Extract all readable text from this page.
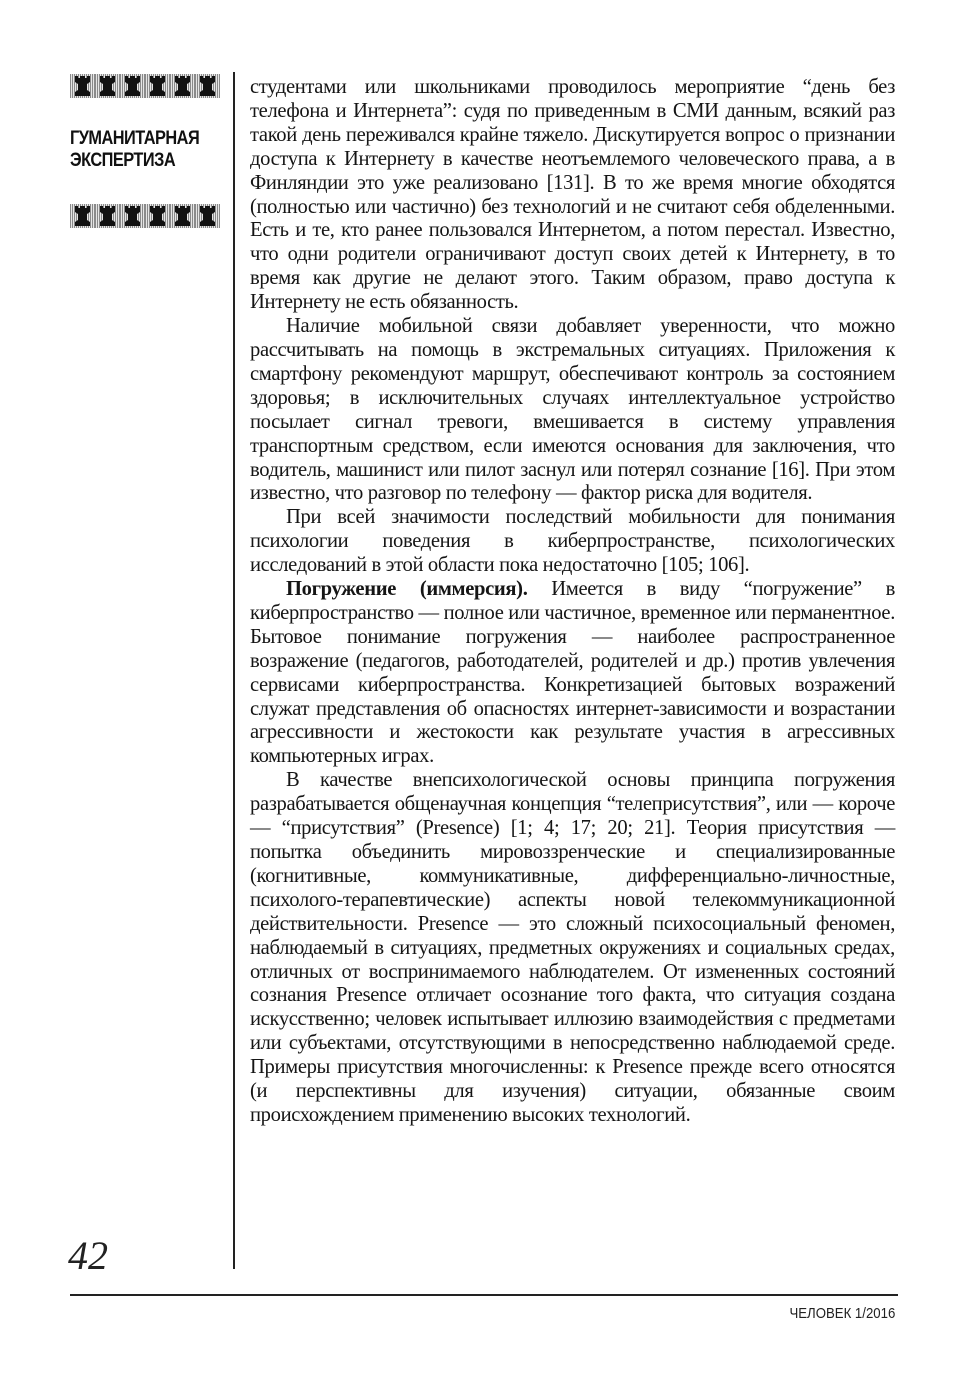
ГУМАНИТАРНАЯ
ЭКСПЕРТИЗА
42

студентами или школьниками проводилось мероприятие “день без телефона и Интернета”: судя по приведенным в СМИ данным, всякий раз такой день переживался крайне тяжело. Дискутируется вопрос о признании доступа к Интернету в качестве неотъемлемого человеческого права, а в Финляндии это уже реализовано [131]. В то же время многие обходятся (полностью или частично) без технологий и не считают себя обделенными. Есть и те, кто ранее пользовался Интернетом, а потом перестал. Известно, что одни родители ограничивают доступ своих детей к Интернету, в то время как другие не делают этого. Таким образом, право доступа к Интернету не есть обязанность.

Наличие мобильной связи добавляет уверенности, что можно рассчитывать на помощь в экстремальных ситуациях. Приложения к смартфону рекомендуют маршрут, обеспечивают контроль за состоянием здоровья; в исключительных случаях интеллектуальное устройство посылает сигнал тревоги, вмешивается в систему управления транспортным средством, если имеются основания для заключения, что водитель, машинист или пилот заснул или потерял сознание [16]. При этом известно, что разговор по телефону — фактор риска для водителя.

При всей значимости последствий мобильности для понимания психологии поведения в киберпространстве, психологических исследований в этой области пока недостаточно [105; 106].

Погружение (иммерсия). Имеется в виду “погружение” в киберпространство — полное или частичное, временное или перманентное. Бытовое понимание погружения — наиболее распространенное возражение (педагогов, работодателей, родителей и др.) против увлечения сервисами киберпространства. Конкретизацией бытовых возражений служат представления об опасностях интернет-зависимости и возрастании агрессивности и жестокости как результате участия в агрессивных компьютерных играх.

В качестве внепсихологической основы принципа погружения разрабатывается общенаучная концепция “телеприсутствия”, или — короче — “присутствия” (Presence) [1; 4; 17; 20; 21]. Теория присутствия — попытка объединить мировоззренческие и специализированные (когнитивные, коммуникативные, дифференциально-личностные, психолого-терапевтические) аспекты новой телекоммуникационной действительности. Presence — это сложный психосоциальный феномен, наблюдаемый в ситуациях, предметных окружениях и социальных средах, отличных от воспринимаемого наблюдателем. От измененных состояний сознания Presence отличает осознание того факта, что ситуация создана искусственно; человек испытывает иллюзию взаимодействия с предметами или субъектами, отсутствующими в непосредственно наблюдаемой среде. Примеры присутствия многочисленны: к Presence прежде всего относятся (и перспективны для изучения) ситуации, обязанные своим происхождением применению высоких технологий.

ЧЕЛОВЕК 1/2016
